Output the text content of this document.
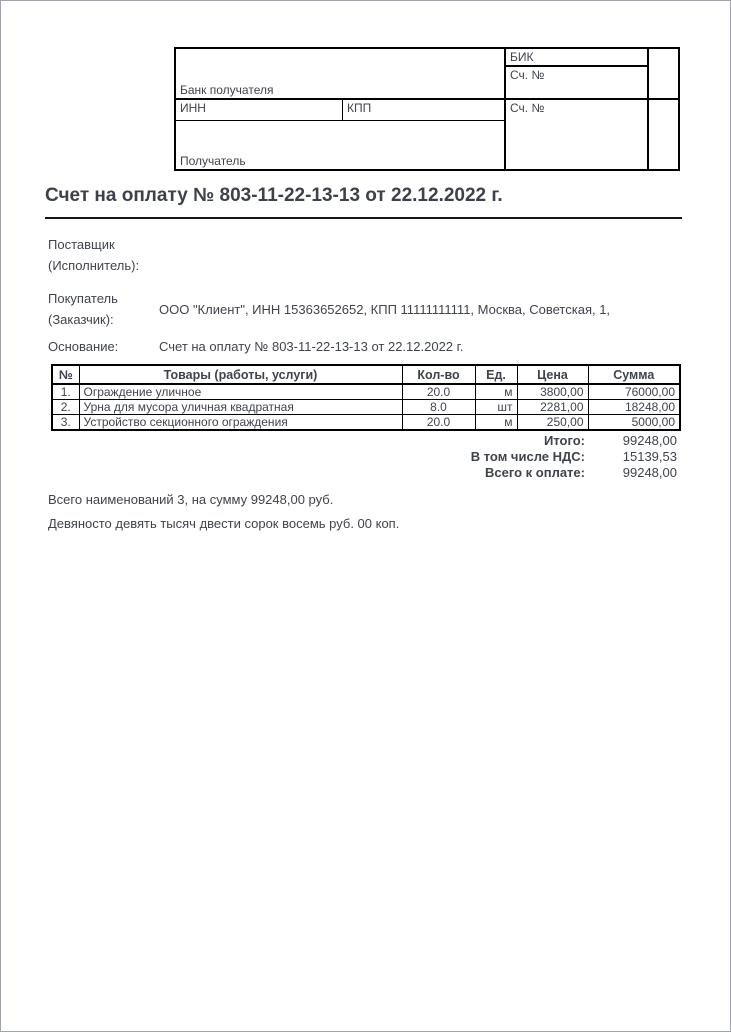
Банк получателя
БИК
Сч. №
ИНН	КПП	Сч. №
Получатель
Счет на оплату № 803-11-22-13-13 от 22.12.2022 г.
Поставщик
(Исполнитель):
Покупатель
(Заказчик):
ООО "Клиент", ИНН 15363652652, КПП 11111111111, Москва, Советская, 1,
Основание:	Счет на оплату № 803-11-22-13-13 от 22.12.2022 г.
№	Товары (работы, услуги)	Кол-во	Ед.	Цена	Сумма
1.	Ограждение уличное	20.0	м	3800,00	76000,00
2.	Урна для мусора уличная квадратная	8.0	шт	2281,00	18248,00
3.	Устройство секционного ограждения	20.0	м	250,00	5000,00
Итого:	99248,00
В том числе НДС:	15139,53
Всего к оплате:	99248,00
Всего наименований 3, на сумму 99248,00 руб.
Девяносто девять тысяч двести сорок восемь руб. 00 коп.
